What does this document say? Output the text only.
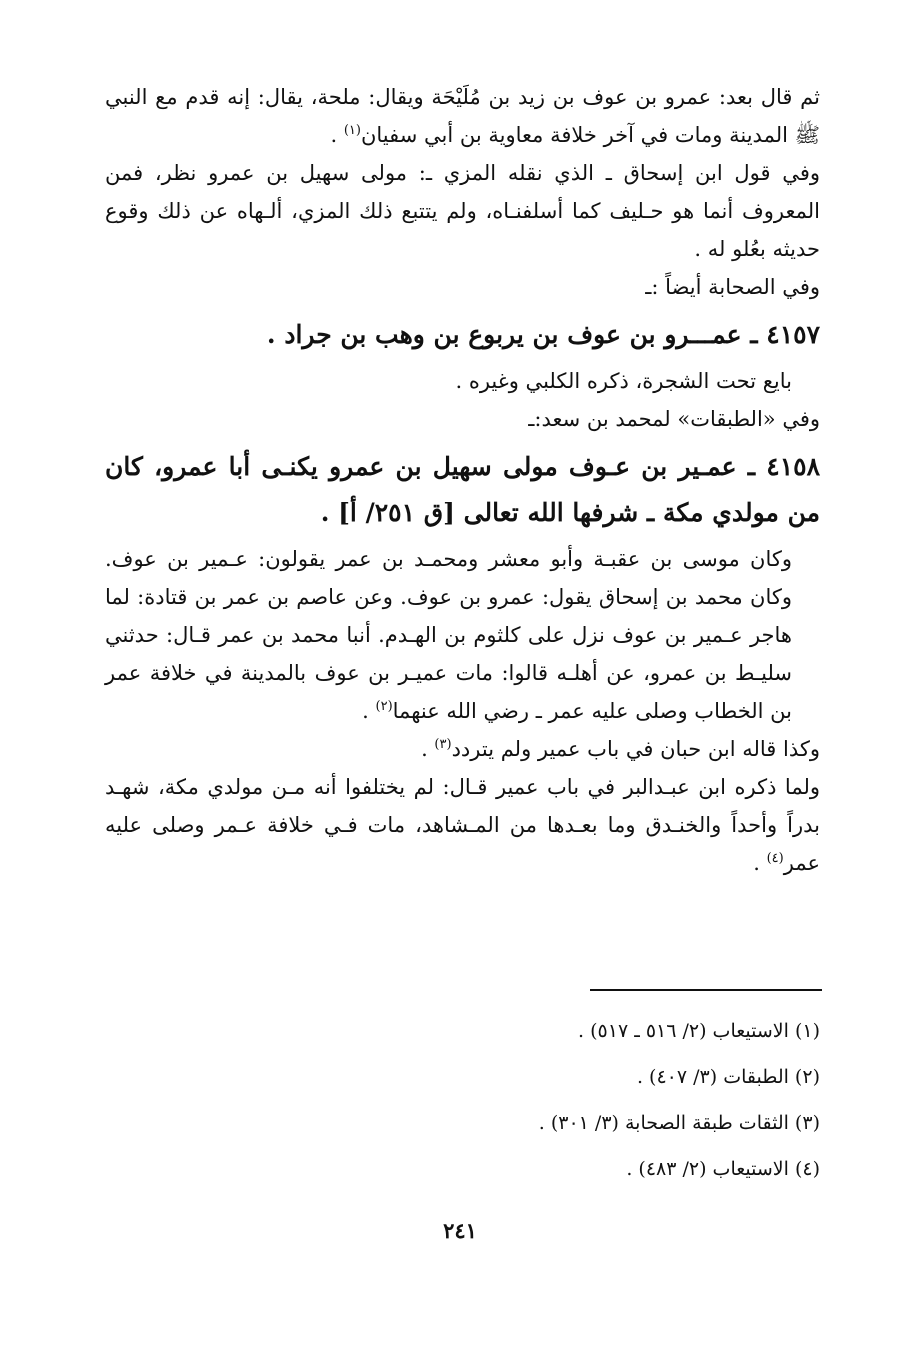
ثم قال بعد: عمرو بن عوف بن زيد بن مُلَيْحَة ويقال: ملحة، يقال: إنه قدم مع النبي ﷺ المدينة ومات في آخر خلافة معاوية بن أبي سفيان$^{(١)}$ .

وفي قول ابن إسحاق ـ الذي نقله المزي ـ: مولى سهيل بن عمرو نظر، فمن المعروف أنما هو حـليف كما أسلفنـاه، ولم يتتبع ذلك المزي، ألـهاه عن ذلك وقوع حديثه بعُلو له .

وفي الصحابة أيضاً :ـ

٤١٥٧ ـ عمـــرو بن عوف بن يربوع بن وهب بن جراد .

بايع تحت الشجرة، ذكره الكلبي وغيره .

وفي «الطبقات» لمحمد بن سعد:ـ

٤١٥٨ ـ عمـير بن عـوف مولى سهيل بن عمرو يكنـى أبا عمرو، كان من مولدي مكة ـ شرفها الله تعالى [ق ٢٥١/ أ] .

وكان موسى بن عقبـة وأبو معشر ومحمـد بن عمر يقولون: عـمير بن عوف. وكان محمد بن إسحاق يقول: عمرو بن عوف. وعن عاصم بن عمر بن قتادة: لما هاجر عـمير بن عوف نزل على كلثوم بن الهـدم. أنبا محمد بن عمر قـال: حدثني سليـط بن عمرو، عن أهلـه قالوا: مات عميـر بن عوف بالمدينة في خلافة عمر بن الخطاب وصلى عليه عمر ـ رضي الله عنهما$^{(٢)}$ .

وكذا قاله ابن حبان في باب عمير ولم يتردد$^{(٣)}$ .

ولما ذكره ابن عبـدالبر في باب عمير قـال: لم يختلفوا أنه مـن مولدي مكة، شهـد بدراً وأحداً والخنـدق وما بعـدها من المـشاهد، مات فـي خلافة عـمر وصلى عليه عمر$^{(٤)}$ .

(١) الاستيعاب (٢/ ٥١٦ ـ ٥١٧) .
(٢) الطبقات (٣/ ٤٠٧) .
(٣) الثقات طبقة الصحابة (٣/ ٣٠١) .
(٤) الاستيعاب (٢/ ٤٨٣) .
٢٤١
